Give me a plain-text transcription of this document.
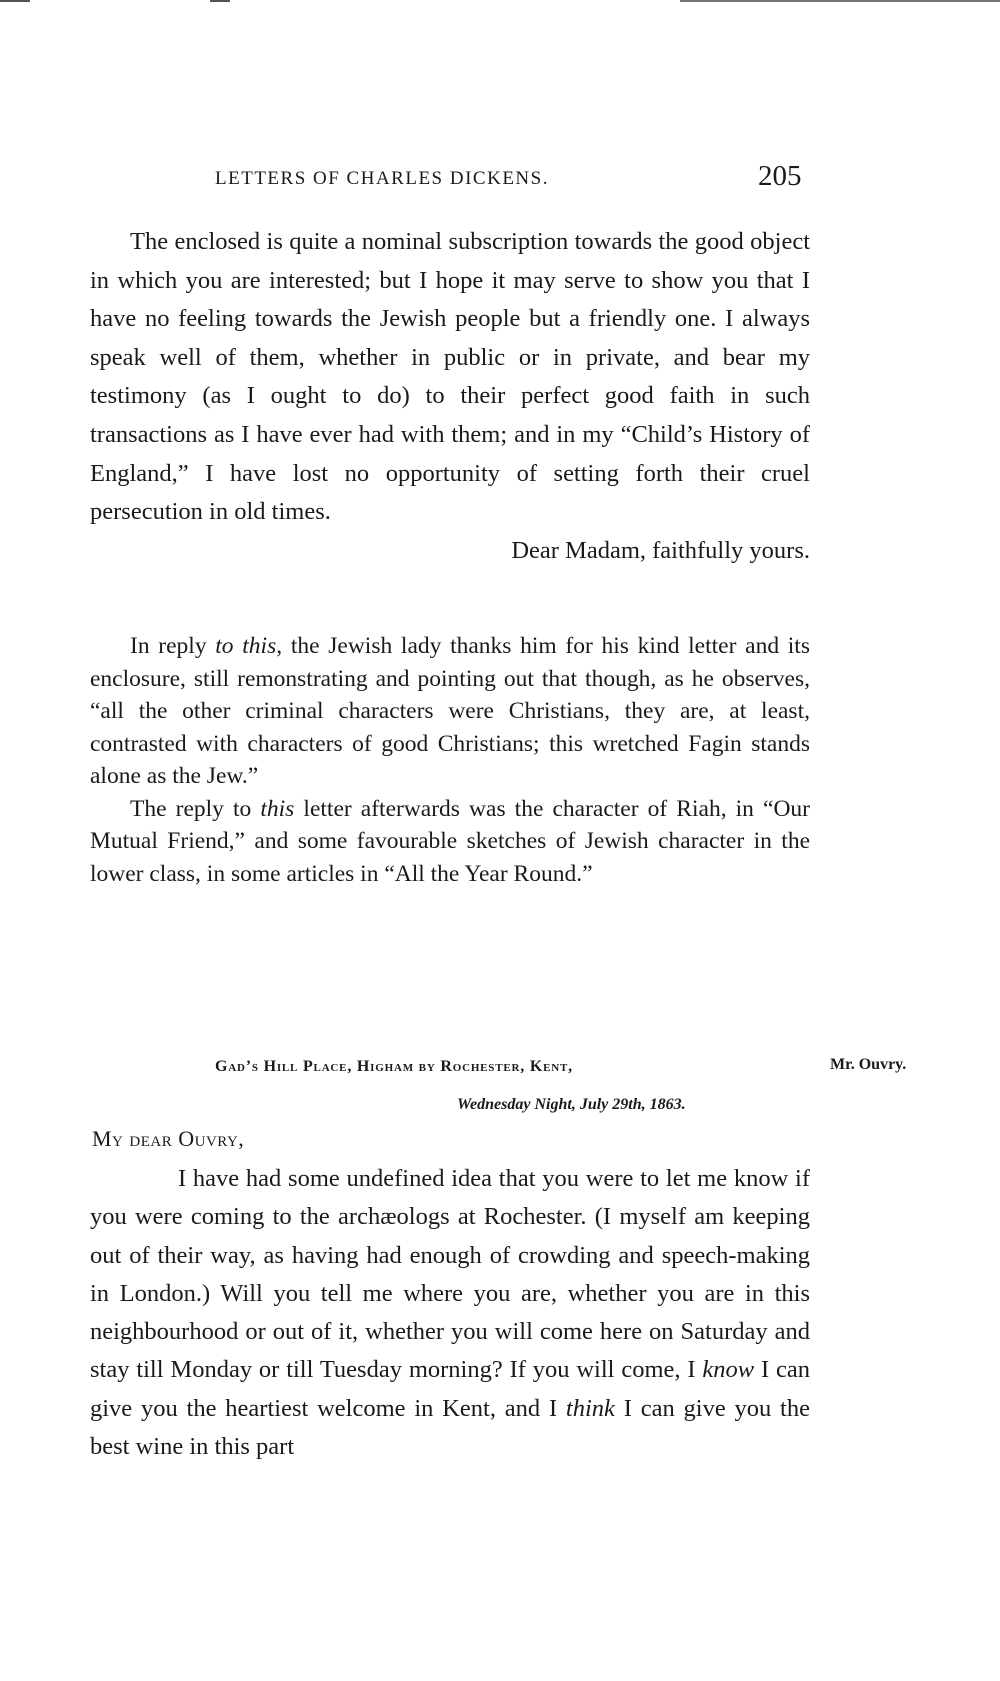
LETTERS OF CHARLES DICKENS.	205

The enclosed is quite a nominal subscription towards the good object in which you are interested; but I hope it may serve to show you that I have no feeling towards the Jewish people but a friendly one. I always speak well of them, whether in public or in private, and bear my testimony (as I ought to do) to their perfect good faith in such transactions as I have ever had with them; and in my “Child’s History of England,” I have lost no opportunity of setting forth their cruel persecution in old times.

Dear Madam, faithfully yours.

In reply to this, the Jewish lady thanks him for his kind letter and its enclosure, still remonstrating and pointing out that though, as he observes, “all the other criminal characters were Christians, they are, at least, contrasted with characters of good Christians; this wretched Fagin stands alone as the Jew.”

The reply to this letter afterwards was the character of Riah, in “Our Mutual Friend,” and some favourable sketches of Jewish character in the lower class, in some articles in “All the Year Round.”

Gad’s Hill Place, Higham by Rochester, Kent,	Mr. Ouvry.
Wednesday Night, July 29th, 1863.
My dear Ouvry,

I have had some undefined idea that you were to let me know if you were coming to the archæologs at Rochester. (I myself am keeping out of their way, as having had enough of crowding and speech-making in London.) Will you tell me where you are, whether you are in this neighbourhood or out of it, whether you will come here on Saturday and stay till Monday or till Tuesday morning? If you will come, I know I can give you the heartiest welcome in Kent, and I think I can give you the best wine in this part
